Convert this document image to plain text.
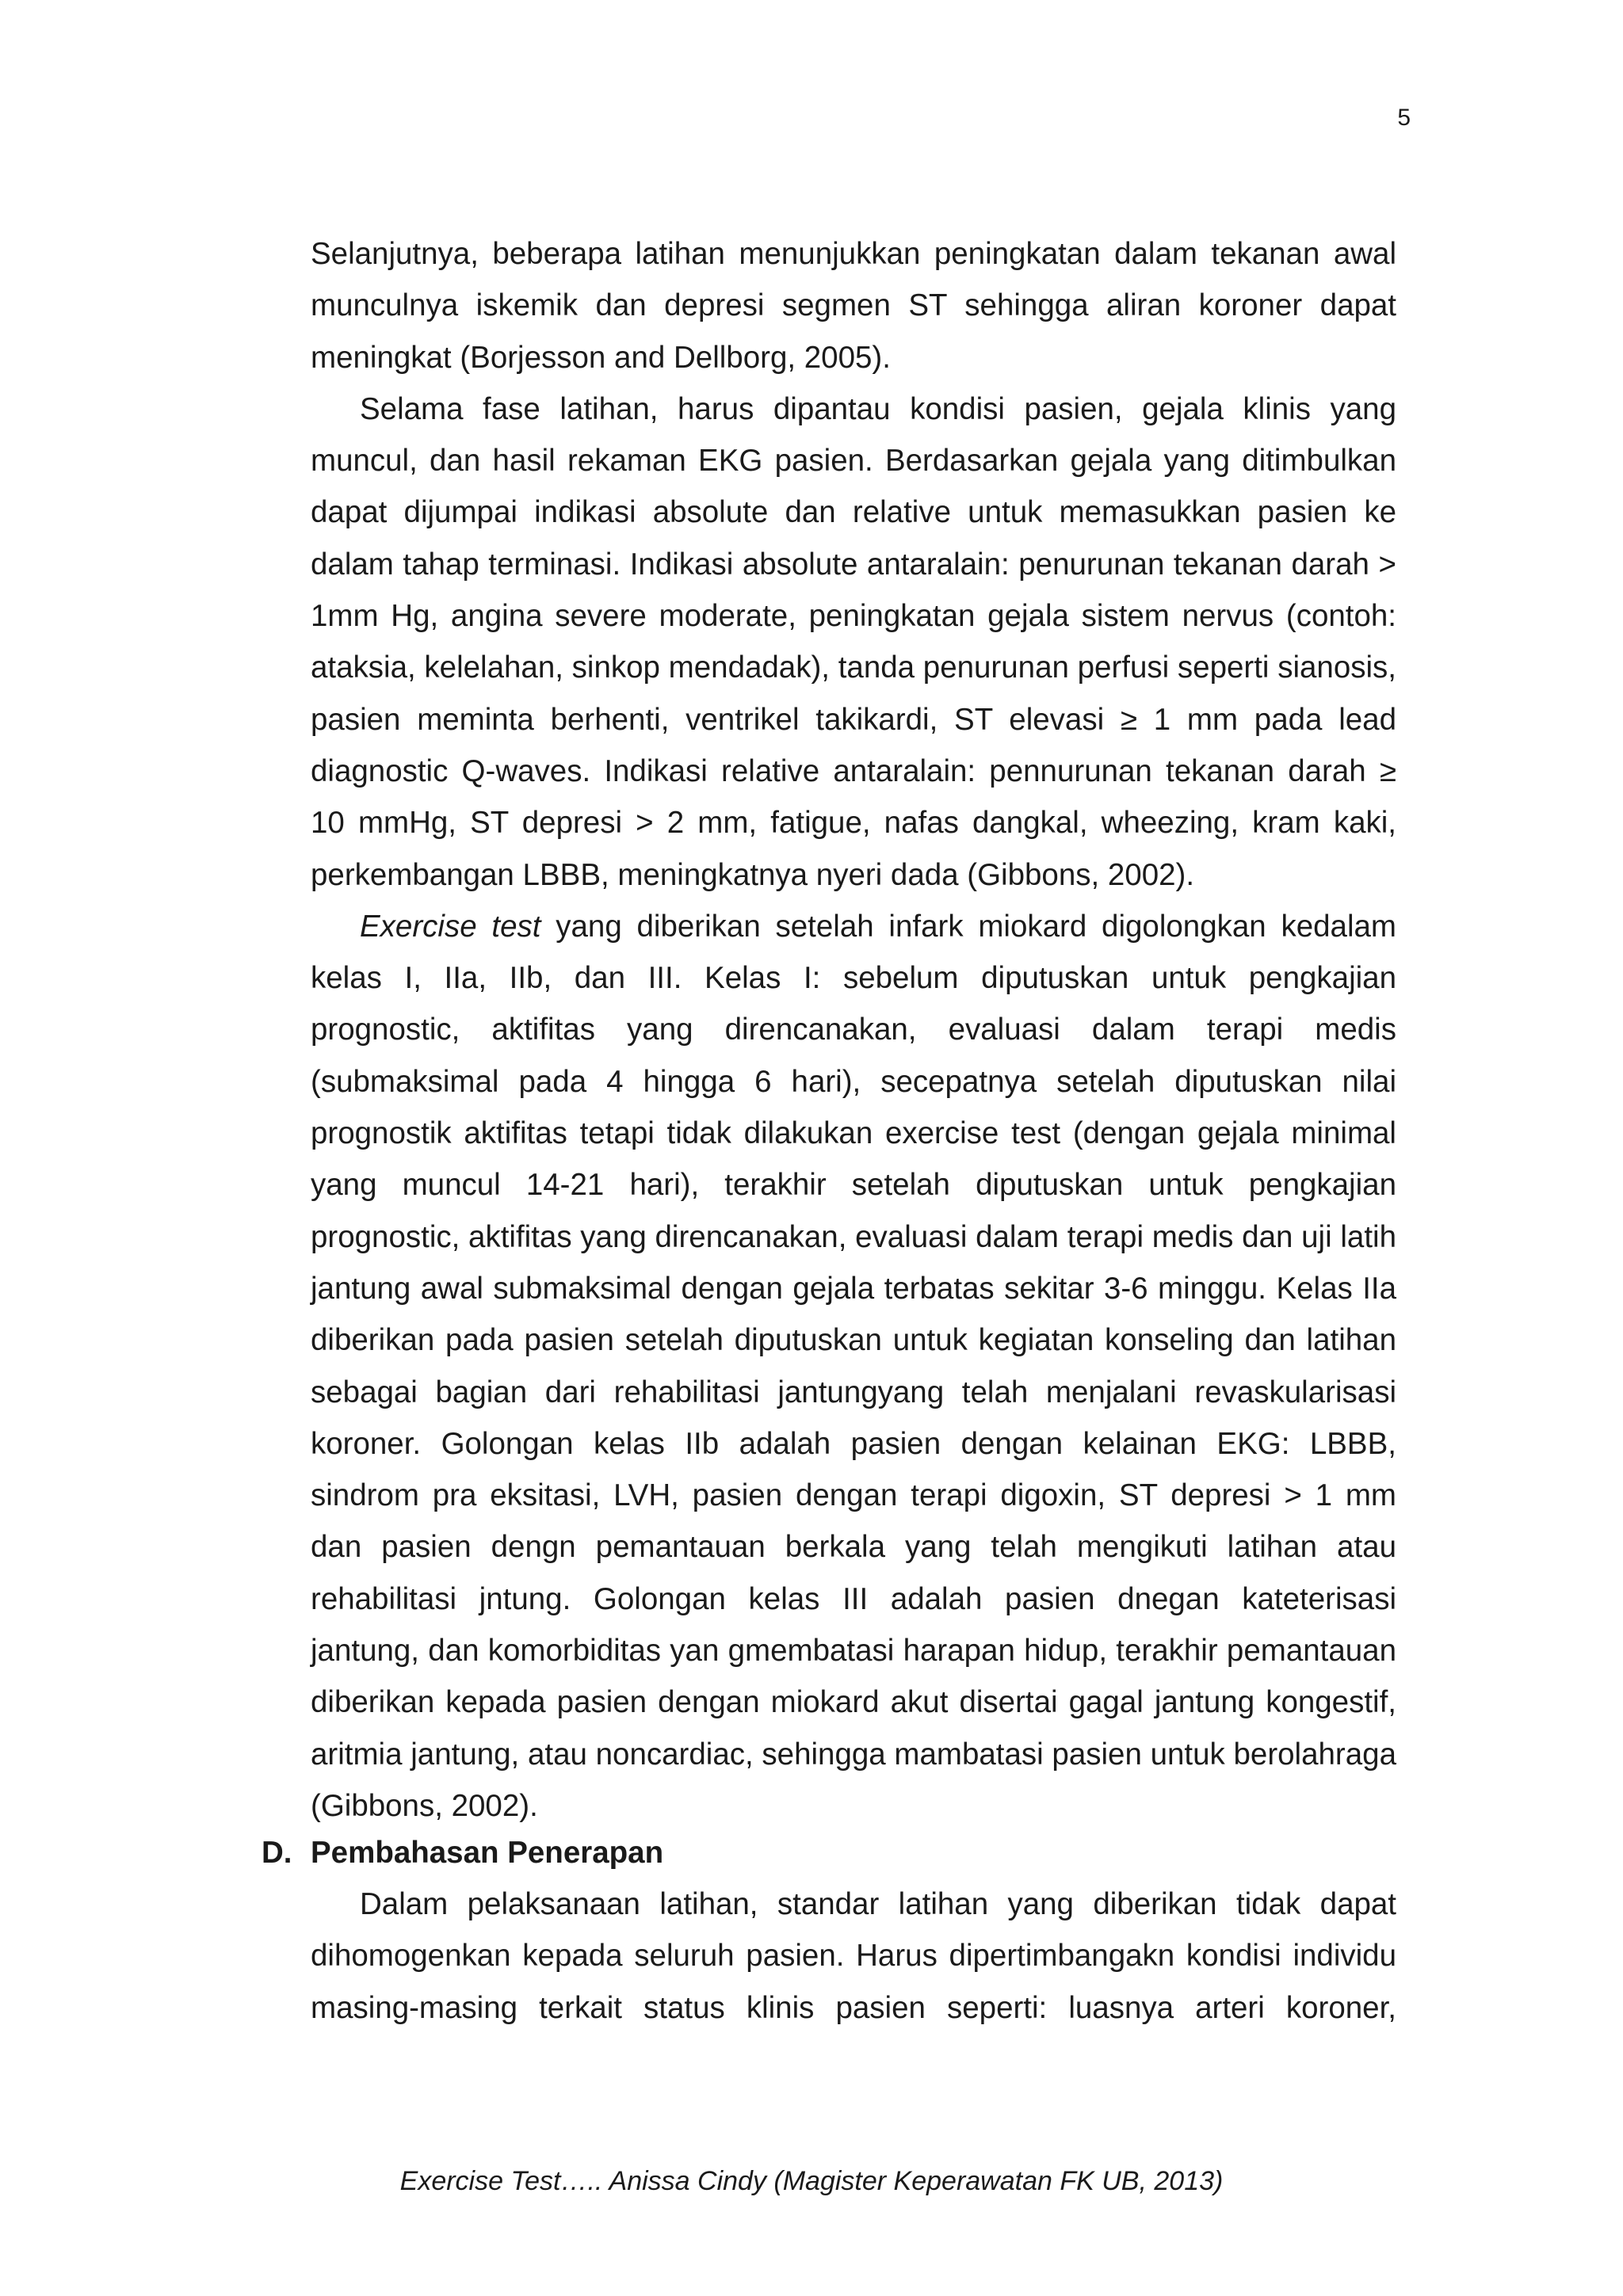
5

Selanjutnya, beberapa latihan menunjukkan peningkatan dalam tekanan awal munculnya iskemik dan depresi segmen ST sehingga aliran koroner dapat meningkat (Borjesson and Dellborg, 2005).

Selama fase latihan, harus dipantau kondisi pasien, gejala klinis yang muncul, dan hasil rekaman EKG pasien. Berdasarkan gejala yang ditimbulkan dapat dijumpai indikasi absolute dan relative untuk memasukkan pasien ke dalam tahap terminasi. Indikasi absolute antaralain: penurunan tekanan darah > 1mm Hg, angina severe moderate, peningkatan gejala sistem nervus (contoh: ataksia, kelelahan, sinkop mendadak), tanda penurunan perfusi seperti sianosis, pasien meminta berhenti, ventrikel takikardi, ST elevasi ≥ 1 mm pada lead diagnostic Q-waves. Indikasi relative antaralain: pennurunan tekanan darah ≥ 10 mmHg, ST depresi > 2 mm, fatigue, nafas dangkal, wheezing, kram kaki, perkembangan LBBB, meningkatnya nyeri dada (Gibbons, 2002).

Exercise test yang diberikan setelah infark miokard digolongkan kedalam kelas I, IIa, IIb, dan III. Kelas I: sebelum diputuskan untuk pengkajian prognostic, aktifitas yang direncanakan, evaluasi dalam terapi medis (submaksimal pada 4 hingga 6 hari), secepatnya setelah diputuskan nilai prognostik aktifitas tetapi tidak dilakukan exercise test (dengan gejala minimal yang muncul 14-21 hari), terakhir setelah diputuskan untuk pengkajian prognostic, aktifitas yang direncanakan, evaluasi dalam terapi medis dan uji latih jantung awal submaksimal dengan gejala terbatas sekitar 3-6 minggu. Kelas IIa diberikan pada pasien setelah diputuskan untuk kegiatan konseling dan latihan sebagai bagian dari rehabilitasi jantungyang telah menjalani revaskularisasi koroner. Golongan kelas IIb adalah pasien dengan kelainan EKG: LBBB, sindrom pra eksitasi, LVH, pasien dengan terapi digoxin, ST depresi > 1 mm dan pasien dengn pemantauan berkala yang telah mengikuti latihan atau rehabilitasi jntung. Golongan kelas III adalah pasien dnegan kateterisasi jantung, dan komorbiditas yan gmembatasi harapan hidup, terakhir pemantauan diberikan kepada pasien dengan miokard akut disertai gagal jantung kongestif, aritmia jantung, atau noncardiac, sehingga mambatasi pasien untuk berolahraga (Gibbons, 2002).

D. Pembahasan Penerapan

Dalam pelaksanaan latihan, standar latihan yang diberikan tidak dapat dihomogenkan kepada seluruh pasien. Harus dipertimbangakn kondisi individu masing-masing terkait status klinis pasien seperti: luasnya arteri koroner,

Exercise Test….. Anissa Cindy (Magister Keperawatan FK UB, 2013)
